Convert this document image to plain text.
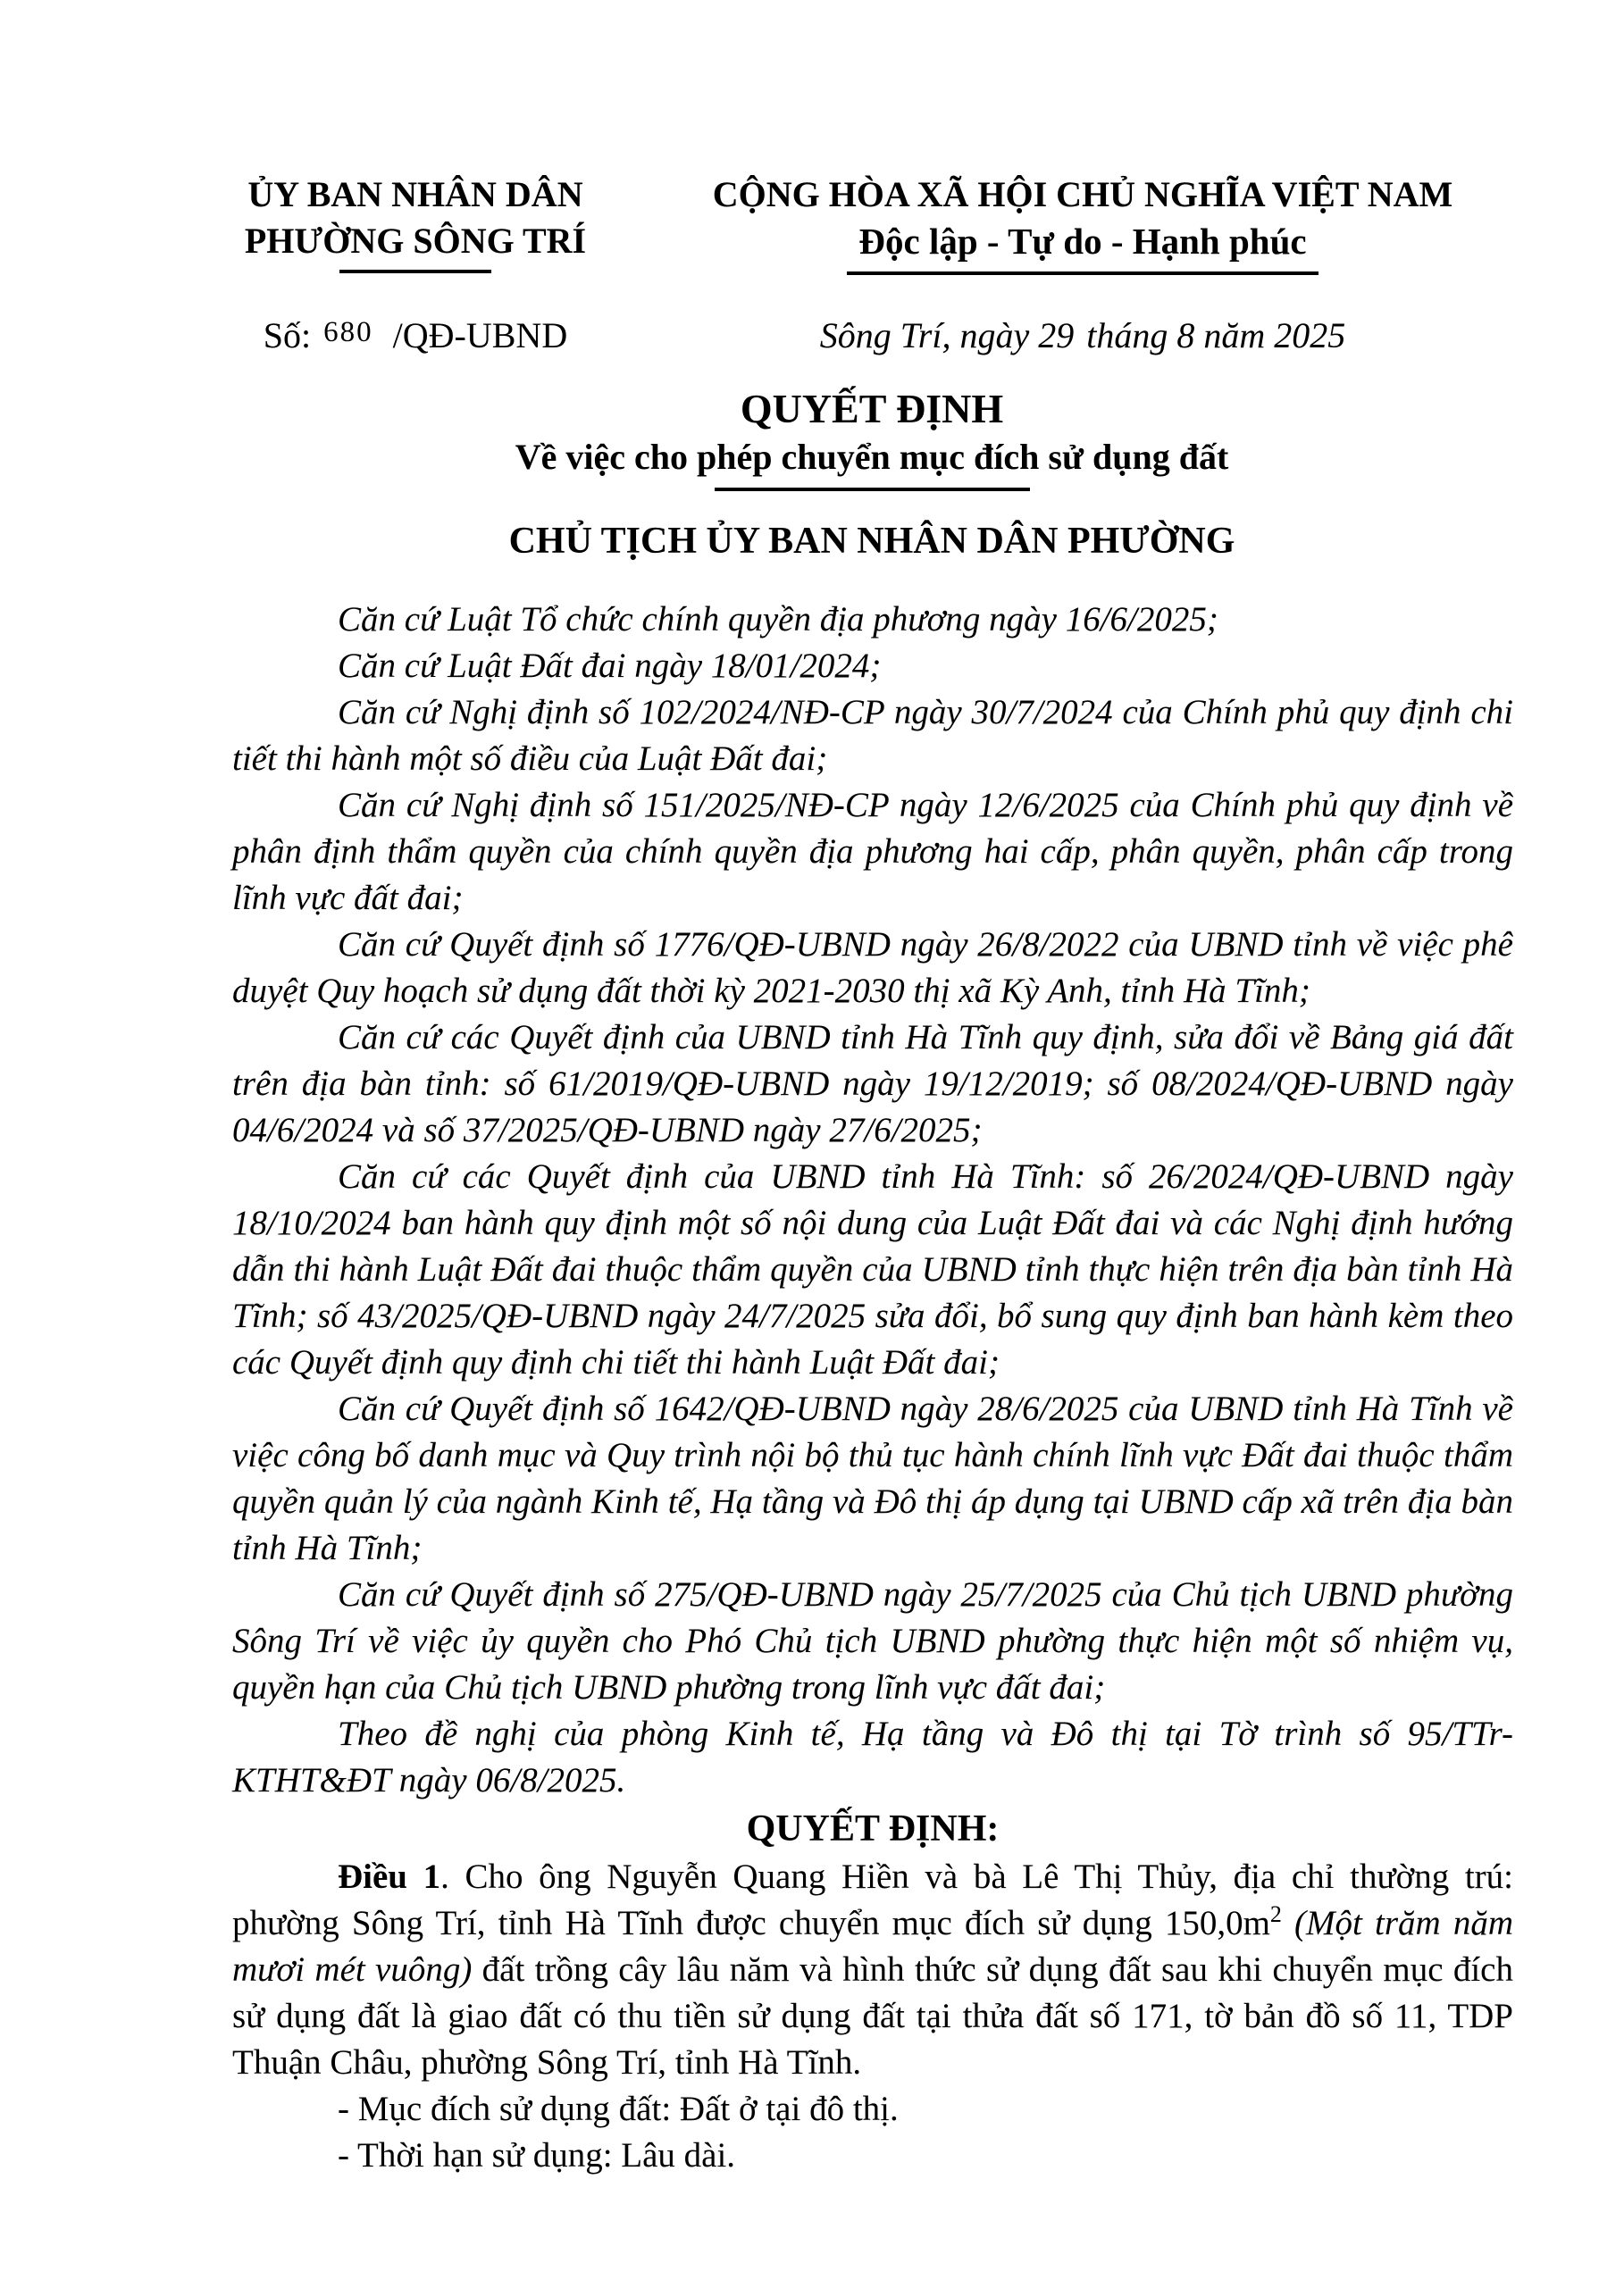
ỦY BAN NHÂN DÂN
PHƯỜNG SÔNG TRÍ
Số: 680 /QĐ-UBND
CỘNG HÒA XÃ HỘI CHỦ NGHĨA VIỆT NAM
Độc lập - Tự do - Hạnh phúc
Sông Trí, ngày 29 tháng 8 năm 2025
QUYẾT ĐỊNH
Về việc cho phép chuyển mục đích sử dụng đất
CHỦ TỊCH ỦY BAN NHÂN DÂN PHƯỜNG

Căn cứ Luật Tổ chức chính quyền địa phương ngày 16/6/2025;

Căn cứ Luật Đất đai ngày 18/01/2024;

Căn cứ Nghị định số 102/2024/NĐ-CP ngày 30/7/2024 của Chính phủ quy định chi tiết thi hành một số điều của Luật Đất đai;

Căn cứ Nghị định số 151/2025/NĐ-CP ngày 12/6/2025 của Chính phủ quy định về phân định thẩm quyền của chính quyền địa phương hai cấp, phân quyền, phân cấp trong lĩnh vực đất đai;

Căn cứ Quyết định số 1776/QĐ-UBND ngày 26/8/2022 của UBND tỉnh về việc phê duyệt Quy hoạch sử dụng đất thời kỳ 2021-2030 thị xã Kỳ Anh, tỉnh Hà Tĩnh;

Căn cứ các Quyết định của UBND tỉnh Hà Tĩnh quy định, sửa đổi về Bảng giá đất trên địa bàn tỉnh: số 61/2019/QĐ-UBND ngày 19/12/2019; số 08/2024/QĐ-UBND ngày 04/6/2024 và số 37/2025/QĐ-UBND ngày 27/6/2025;

Căn cứ các Quyết định của UBND tỉnh Hà Tĩnh: số 26/2024/QĐ-UBND ngày 18/10/2024 ban hành quy định một số nội dung của Luật Đất đai và các Nghị định hướng dẫn thi hành Luật Đất đai thuộc thẩm quyền của UBND tỉnh thực hiện trên địa bàn tỉnh Hà Tĩnh; số 43/2025/QĐ-UBND ngày 24/7/2025 sửa đổi, bổ sung quy định ban hành kèm theo các Quyết định quy định chi tiết thi hành Luật Đất đai;

Căn cứ Quyết định số 1642/QĐ-UBND ngày 28/6/2025 của UBND tỉnh Hà Tĩnh về việc công bố danh mục và Quy trình nội bộ thủ tục hành chính lĩnh vực Đất đai thuộc thẩm quyền quản lý của ngành Kinh tế, Hạ tầng và Đô thị áp dụng tại UBND cấp xã trên địa bàn tỉnh Hà Tĩnh;

Căn cứ Quyết định số 275/QĐ-UBND ngày 25/7/2025 của Chủ tịch UBND phường Sông Trí về việc ủy quyền cho Phó Chủ tịch UBND phường thực hiện một số nhiệm vụ, quyền hạn của Chủ tịch UBND phường trong lĩnh vực đất đai;

Theo đề nghị của phòng Kinh tế, Hạ tầng và Đô thị tại Tờ trình số 95/TTr-KTHT&ĐT ngày 06/8/2025.

QUYẾT ĐỊNH:

Điều 1. Cho ông Nguyễn Quang Hiền và bà Lê Thị Thủy, địa chỉ thường trú: phường Sông Trí, tỉnh Hà Tĩnh được chuyển mục đích sử dụng $150,0m^2$ (Một trăm năm mươi mét vuông) đất trồng cây lâu năm và hình thức sử dụng đất sau khi chuyển mục đích sử dụng đất là giao đất có thu tiền sử dụng đất tại thửa đất số 171, tờ bản đồ số 11, TDP Thuận Châu, phường Sông Trí, tỉnh Hà Tĩnh.

- Mục đích sử dụng đất: Đất ở tại đô thị.

- Thời hạn sử dụng: Lâu dài.
